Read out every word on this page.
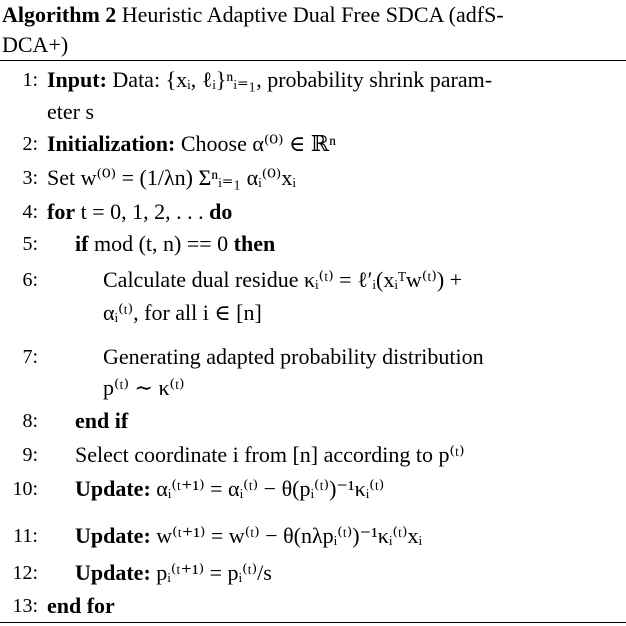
Algorithm 2 Heuristic Adaptive Dual Free SDCA (adfS-
DCA+)
1: Input: Data: {xᵢ, ℓᵢ}ⁿᵢ₌₁, probability shrink param-
eter s
2: Initialization: Choose α⁽⁰⁾ ∈ ℝⁿ
3: Set w⁽⁰⁾ = (1/λn) Σⁿᵢ₌₁ αᵢ⁽⁰⁾xᵢ
4: for t = 0, 1, 2, . . . do
5: if mod (t, n) == 0 then
6:	Calculate dual residue κᵢ⁽ᵗ⁾ = ℓ′ᵢ(xᵢᵀw⁽ᵗ⁾) +
αᵢ⁽ᵗ⁾, for all i ∈ [n]
7:	Generating adapted probability distribution
p⁽ᵗ⁾ ∼ κ⁽ᵗ⁾
8: end if
9: Select coordinate i from [n] according to p⁽ᵗ⁾
10: Update: αᵢ⁽ᵗ⁺¹⁾ = αᵢ⁽ᵗ⁾ − θ(pᵢ⁽ᵗ⁾)⁻¹κᵢ⁽ᵗ⁾
11: Update: w⁽ᵗ⁺¹⁾ = w⁽ᵗ⁾ − θ(nλpᵢ⁽ᵗ⁾)⁻¹κᵢ⁽ᵗ⁾xᵢ
12: Update: pᵢ⁽ᵗ⁺¹⁾ = pᵢ⁽ᵗ⁾/s
13: end for
